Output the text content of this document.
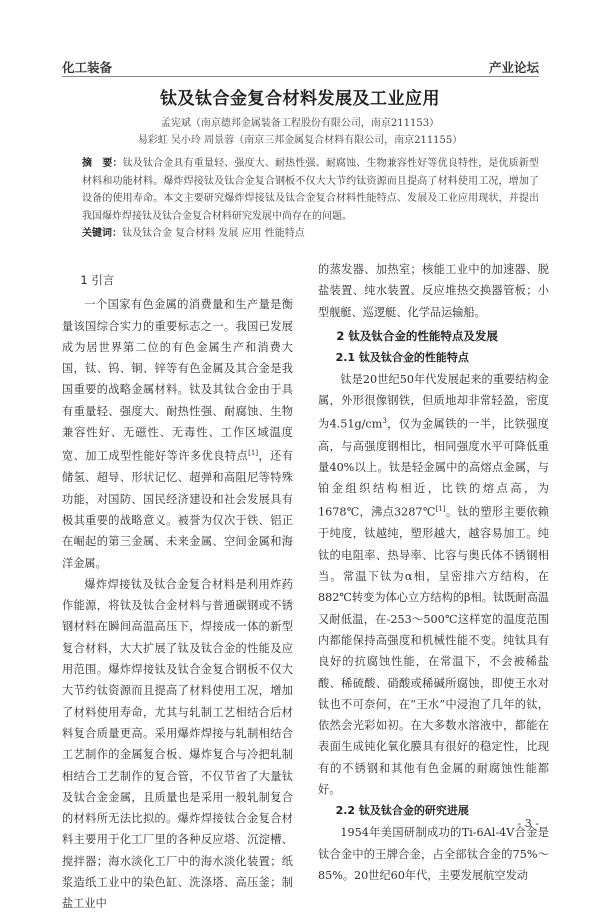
化工装备	产业论坛
钛及钛合金复合材料发展及工业应用
孟宪斌（南京德邦金属装备工程股份有限公司，南京211153）
易彩虹 吴小玲 周景蓉（南京三邦金属复合材料有限公司，南京211155）

摘　要：钛及钛合金具有重量轻、强度大、耐热性强、耐腐蚀、生物兼容性好等优良特性，是优质新型材料和功能材料。爆炸焊接钛及钛合金复合钢板不仅大大节约钛资源而且提高了材料使用工况，增加了设备的使用寿命。本文主要研究爆炸焊接钛及钛合金复合材料性能特点、发展及工业应用现状，并提出我国爆炸焊接钛及钛合金复合材料研究发展中尚存在的问题。

关键词：钛及钛合金 复合材料 发展 应用 性能特点

1 引言

一个国家有色金属的消费量和生产量是衡量该国综合实力的重要标志之一。我国已发展成为居世界第二位的有色金属生产和消费大国，钛、钨、铜、锌等有色金属及其合金是我国重要的战略金属材料。钛及其钛合金由于具有重量轻、强度大、耐热性强、耐腐蚀、生物兼容性好、无磁性、无毒性、工作区域温度宽、加工成型性能好等许多优良特点[1]，还有储氢、超导、形状记忆、超弹和高阻尼等特殊功能，对国防、国民经济建设和社会发展具有极其重要的战略意义。被誉为仅次于铁、铝正在崛起的第三金属、未来金属、空间金属和海洋金属。

爆炸焊接钛及钛合金复合材料是利用炸药作能源，将钛及钛合金材料与普通碳钢或不锈钢材料在瞬间高温高压下，焊接成一体的新型复合材料，大大扩展了钛及钛合金的性能及应用范围。爆炸焊接钛及钛合金复合钢板不仅大大节约钛资源而且提高了材料使用工况，增加了材料使用寿命，尤其与轧制工艺相结合后材料复合质量更高。采用爆炸焊接与轧制相结合工艺制作的金属复合板、爆炸复合与冷把轧制相结合工艺制作的复合管，不仅节省了大量钛及钛合金金属，且质量也是采用一般轧制复合的材料所无法比拟的。爆炸焊接钛合金复合材料主要用于化工厂里的各种反应塔、沉淀槽、搅拌器；海水淡化工厂中的海水淡化装置；纸浆造纸工业中的染色缸、洗涤塔、高压釜；制盐工业中

的蒸发器、加热室；核能工业中的加速器、脱盐装置、纯水装置、反应堆热交换器管板；小型舰艇、巡逻艇、化学品运输船。

2 钛及钛合金的性能特点及发展
2.1 钛及钛合金的性能特点

钛是20世纪50年代发展起来的重要结构金属，外形很像钢铁，但质地却非常轻盈，密度为$4.51g/cm^3$，仅为金属铁的一半，比铁强度高，与高强度钢相比，相同强度水平可降低重量40%以上。钛是轻金属中的高熔点金属，与铂金组织结构相近，比铁的熔点高，为1678℃，沸点3287℃[1]。钛的塑形主要依赖于纯度，钛越纯，塑形越大，越容易加工。纯钛的电阻率、热导率、比容与奥氏体不锈钢相当。常温下钛为α相，呈密排六方结构，在882℃转变为体心立方结构的β相。钛既耐高温又耐低温，在-253～500℃这样宽的温度范围内都能保持高强度和机械性能不变。纯钛具有良好的抗腐蚀性能，在常温下，不会被稀盐酸、稀硫酸、硝酸或稀碱所腐蚀，即使王水对钛也不可奈何，在“王水”中浸泡了几年的钛，依然会光彩如初。在大多数水溶液中，都能在表面生成钝化氧化膜具有很好的稳定性，比现有的不锈钢和其他有色金属的耐腐蚀性能都好。

2.2 钛及钛合金的研究进展

1954年美国研制成功的Ti-6Al-4V合金是钛合金中的王牌合金，占全部钛合金的75%～85%。20世纪60年代，主要发展航空发动

- 3 -
